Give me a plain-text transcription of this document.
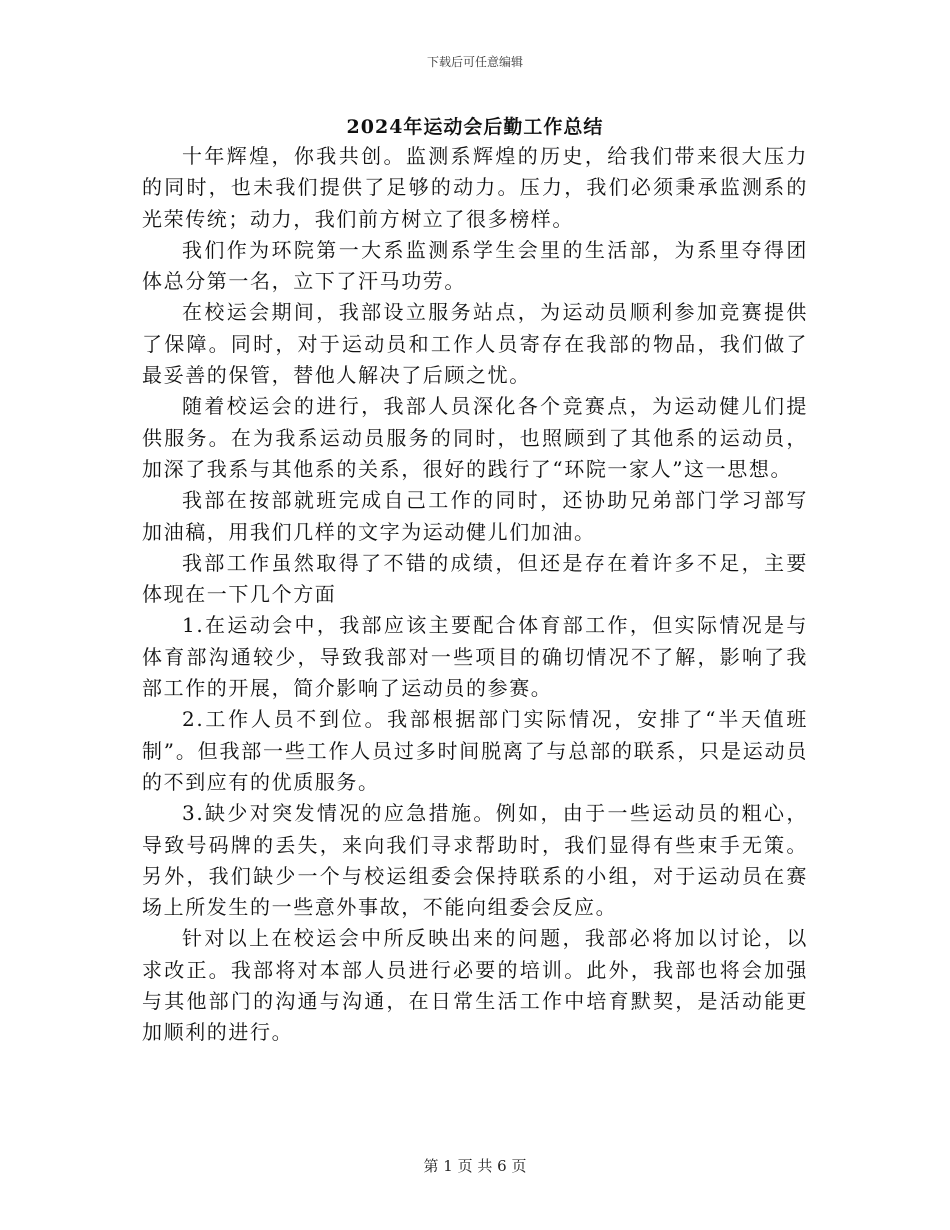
下载后可任意编辑
2024年运动会后勤工作总结

十年辉煌，你我共创。监测系辉煌的历史，给我们带来很大压力的同时，也未我们提供了足够的动力。压力，我们必须秉承监测系的光荣传统；动力，我们前方树立了很多榜样。

我们作为环院第一大系监测系学生会里的生活部，为系里夺得团体总分第一名，立下了汗马功劳。

在校运会期间，我部设立服务站点，为运动员顺利参加竞赛提供了保障。同时，对于运动员和工作人员寄存在我部的物品，我们做了最妥善的保管，替他人解决了后顾之忧。

随着校运会的进行，我部人员深化各个竞赛点，为运动健儿们提供服务。在为我系运动员服务的同时，也照顾到了其他系的运动员，加深了我系与其他系的关系，很好的践行了“环院一家人”这一思想。

我部在按部就班完成自己工作的同时，还协助兄弟部门学习部写加油稿，用我们几样的文字为运动健儿们加油。

我部工作虽然取得了不错的成绩，但还是存在着许多不足，主要体现在一下几个方面

1.在运动会中，我部应该主要配合体育部工作，但实际情况是与体育部沟通较少，导致我部对一些项目的确切情况不了解，影响了我部工作的开展，简介影响了运动员的参赛。

2.工作人员不到位。我部根据部门实际情况，安排了“半天值班制”。但我部一些工作人员过多时间脱离了与总部的联系，只是运动员的不到应有的优质服务。

3.缺少对突发情况的应急措施。例如，由于一些运动员的粗心，导致号码牌的丢失，来向我们寻求帮助时，我们显得有些束手无策。另外，我们缺少一个与校运组委会保持联系的小组，对于运动员在赛场上所发生的一些意外事故，不能向组委会反应。

针对以上在校运会中所反映出来的问题，我部必将加以讨论，以求改正。我部将对本部人员进行必要的培训。此外，我部也将会加强与其他部门的沟通与沟通，在日常生活工作中培育默契，是活动能更加顺利的进行。

第 1 页 共 6 页
